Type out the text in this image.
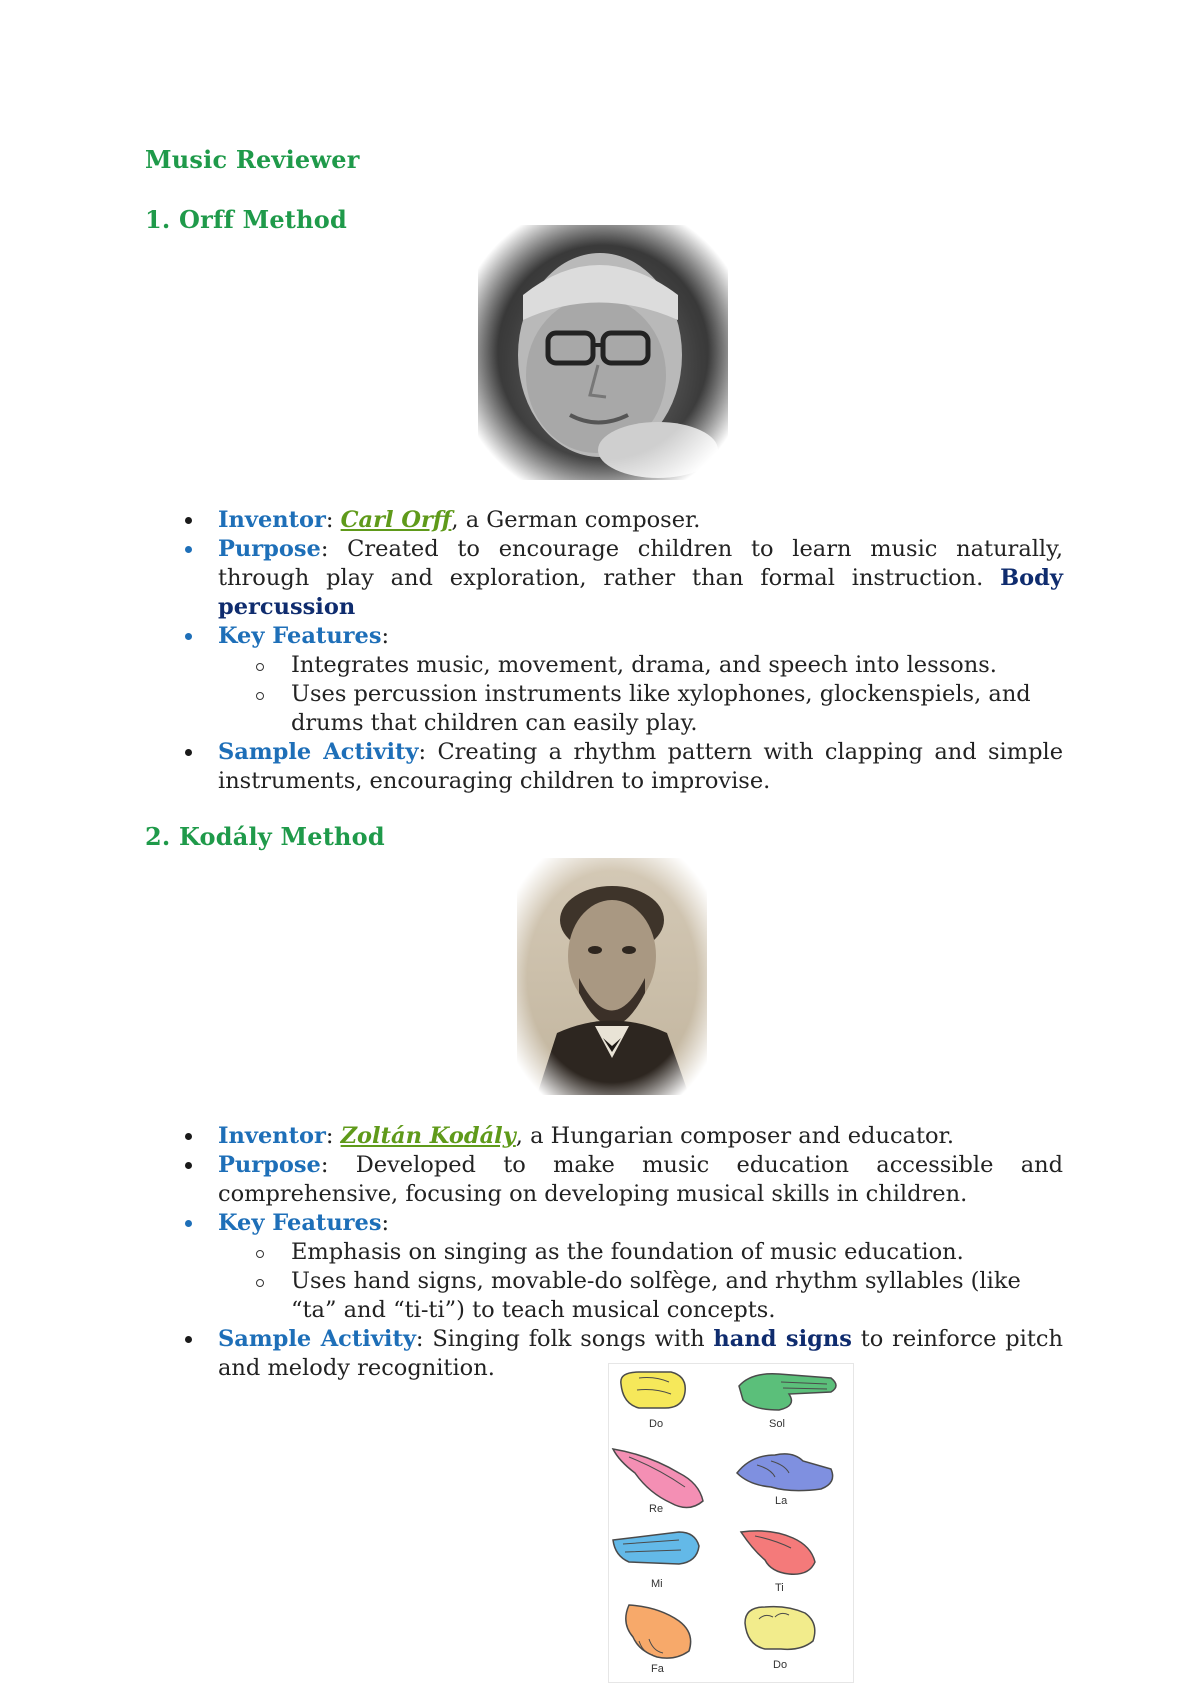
Music Reviewer
1. Orff Method
Inventor: Carl Orff, a German composer.
Purpose: Created to encourage children to learn music naturally, through play and exploration, rather than formal instruction. Body percussion
Key Features:
Integrates music, movement, drama, and speech into lessons.
Uses percussion instruments like xylophones, glockenspiels, and drums that children can easily play.
Sample Activity: Creating a rhythm pattern with clapping and simple instruments, encouraging children to improvise.
2. Kodály Method
Inventor: Zoltán Kodály, a Hungarian composer and educator.
Purpose: Developed to make music education accessible and comprehensive, focusing on developing musical skills in children.
Key Features:
Emphasis on singing as the foundation of music education.
Uses hand signs, movable-do solfège, and rhythm syllables (like “ta” and “ti-ti”) to teach musical concepts.
Sample Activity: Singing folk songs with hand signs to reinforce pitch and melody recognition.
Do	Sol
Re
La
Mi	Ti
Fa	Do
